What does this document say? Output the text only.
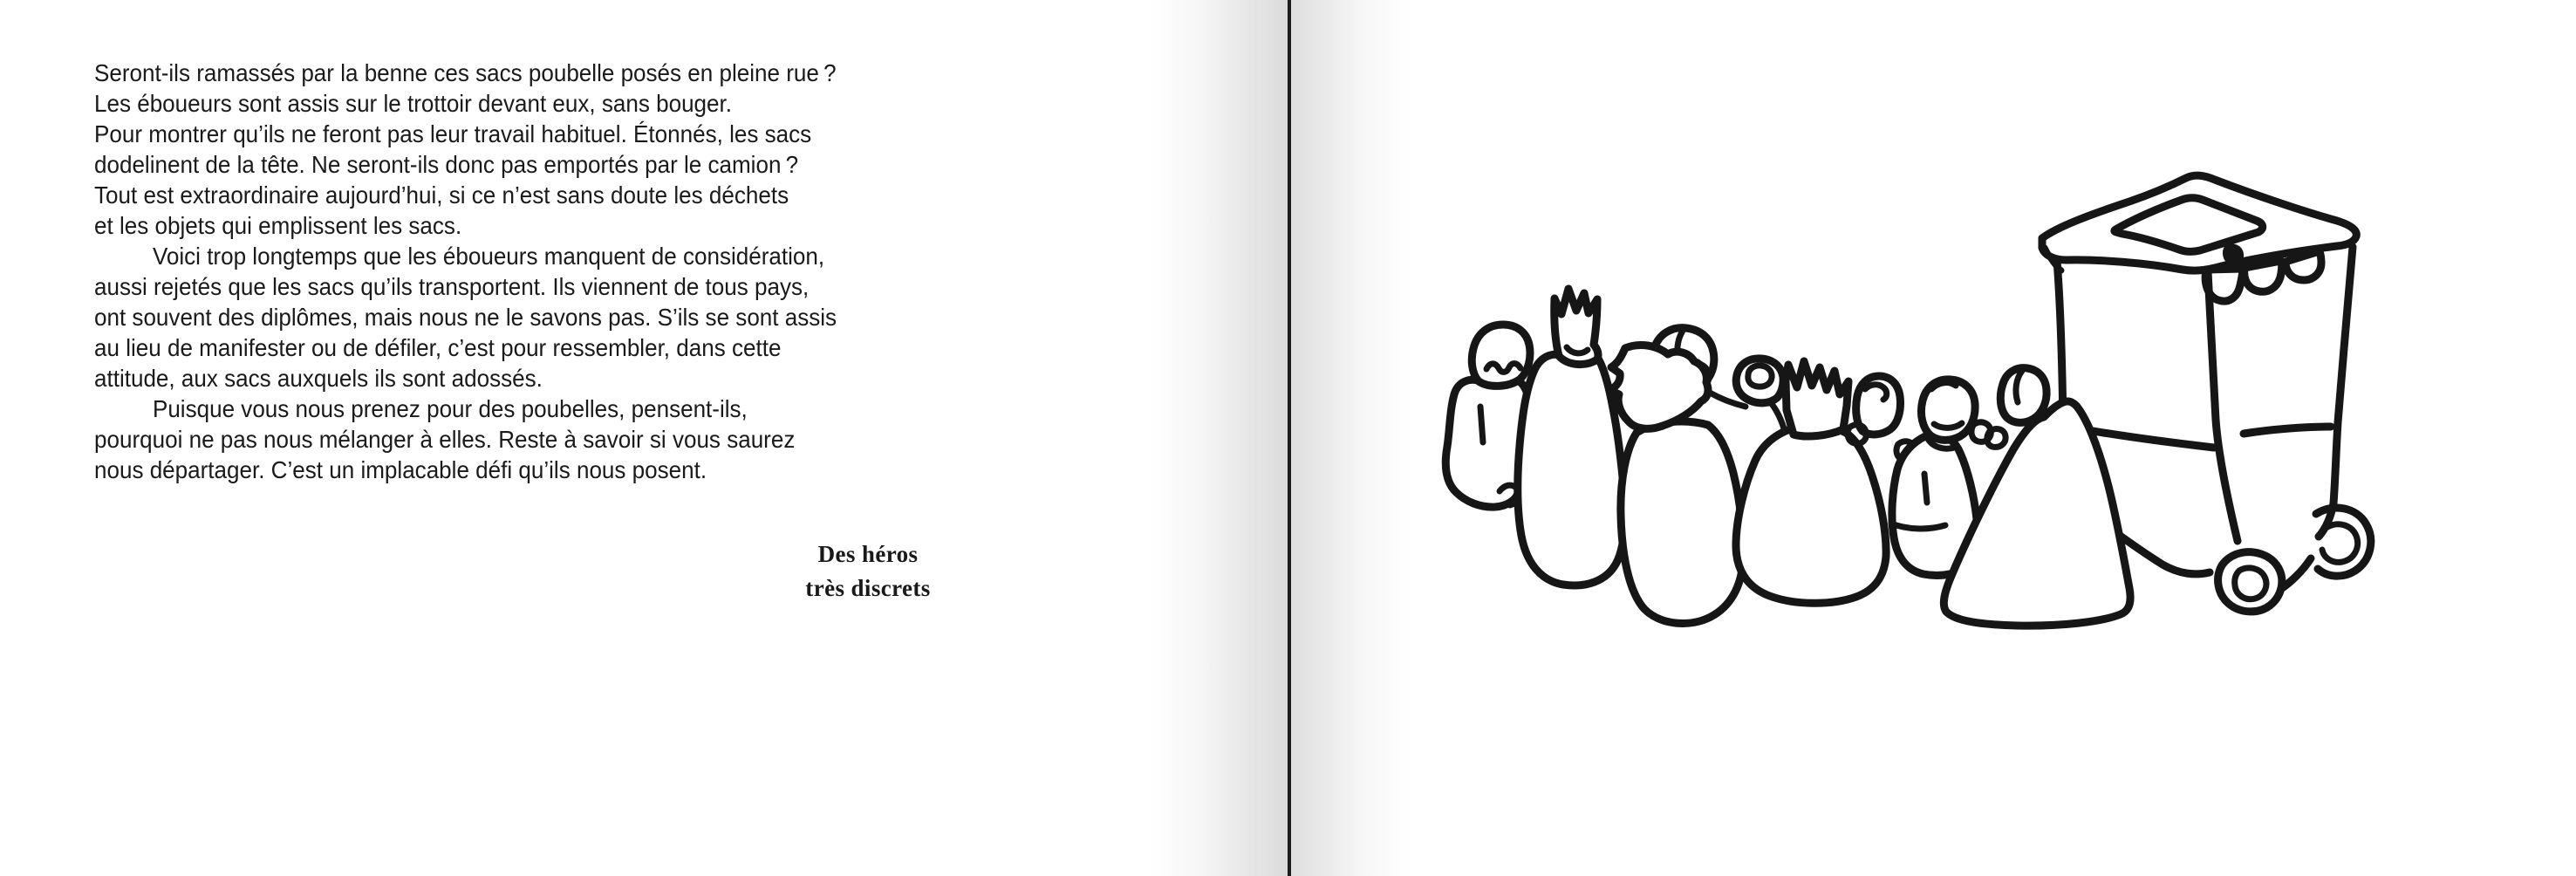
Seront-ils ramassés par la benne ces sacs poubelle posés en pleine rue ?
Les éboueurs sont assis sur le trottoir devant eux, sans bouger.
Pour montrer qu’ils ne feront pas leur travail habituel. Étonnés, les sacs
dodelinent de la tête. Ne seront-ils donc pas emportés par le camion ?
Tout est extraordinaire aujourd’hui, si ce n’est sans doute les déchets
et les objets qui emplissent les sacs.
Voici trop longtemps que les éboueurs manquent de considération,
aussi rejetés que les sacs qu’ils transportent. Ils viennent de tous pays,
ont souvent des diplômes, mais nous ne le savons pas. S’ils se sont assis
au lieu de manifester ou de défiler, c’est pour ressembler, dans cette
attitude, aux sacs auxquels ils sont adossés.
Puisque vous nous prenez pour des poubelles, pensent-ils,
pourquoi ne pas nous mélanger à elles. Reste à savoir si vous saurez
nous départager. C’est un implacable défi qu’ils nous posent.
Des héros
très discrets
